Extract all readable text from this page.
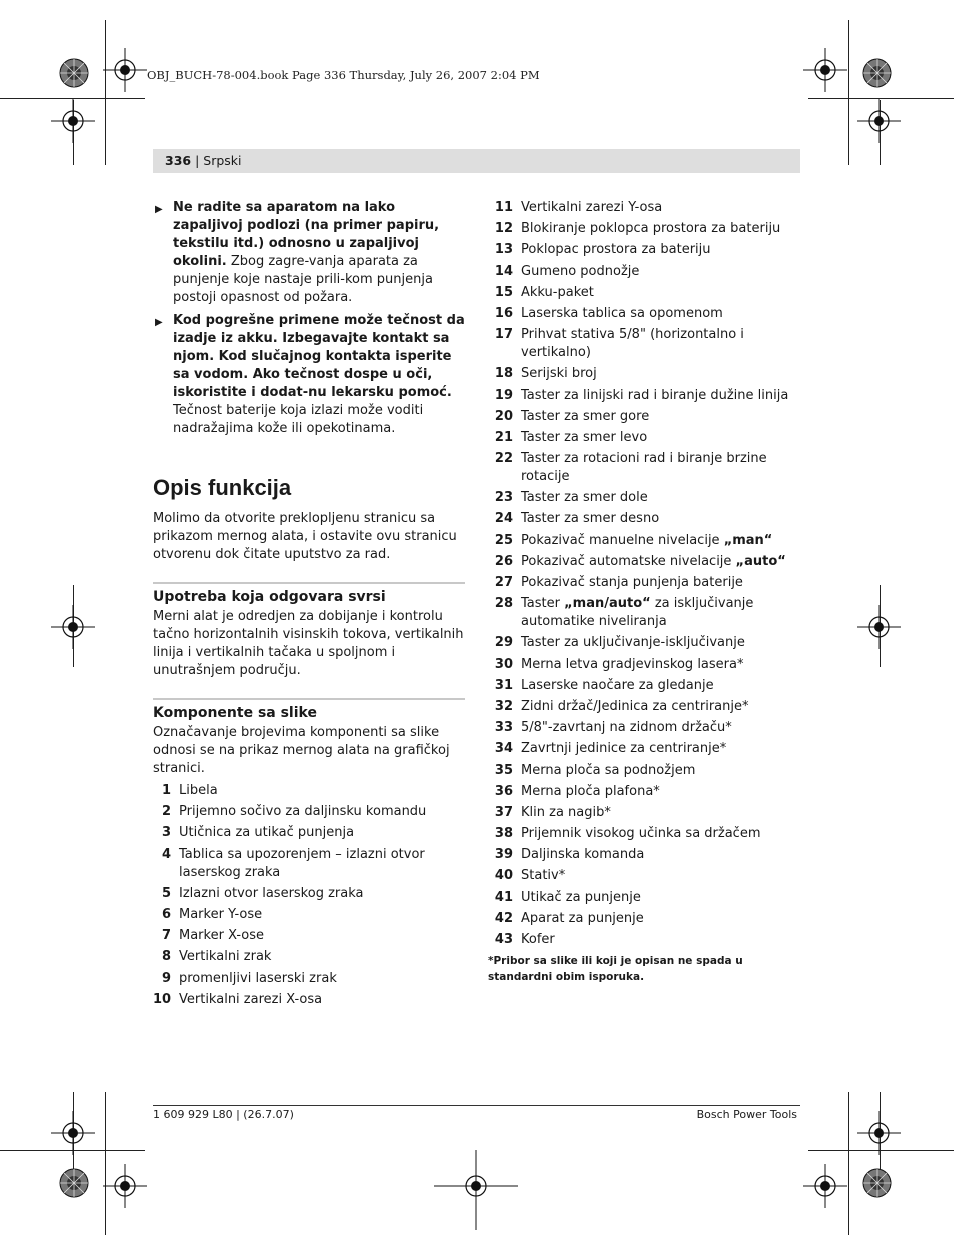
OBJ_BUCH-78-004.book Page 336 Thursday, July 26, 2007 2:04 PM
336 | Srpski
▶ Ne radite sa aparatom na lako zapaljivoj podlozi (na primer papiru, tekstilu itd.) odnosno u zapaljivoj okolini. Zbog zagre-vanja aparata za punjenje koje nastaje prili-kom punjenja postoji opasnost od požara.
▶ Kod pogrešne primene može tečnost da izadje iz akku. Izbegavajte kontakt sa njom. Kod slučajnog kontakta isperite sa vodom. Ako tečnost dospe u oči, iskoristite i dodat-nu lekarsku pomoć. Tečnost baterije koja izlazi može voditi nadražajima kože ili opekotinama.
Opis funkcija

Molimo da otvorite preklopljenu stranicu sa prikazom mernog alata, i ostavite ovu stranicu otvorenu dok čitate uputstvo za rad.

Upotreba koja odgovara svrsi

Merni alat je odredjen za dobijanje i kontrolu tačno horizontalnih visinskih tokova, vertikalnih linija i vertikalnih tačaka u spoljnom i unutrašnjem području.

Komponente sa slike

Označavanje brojevima komponenti sa slike odnosi se na prikaz mernog alata na grafičkoj stranici.

1 Libela
2 Prijemno sočivo za daljinsku komandu
3 Utičnica za utikač punjenja
4 Tablica sa upozorenjem – izlazni otvor laserskog zraka
5 Izlazni otvor laserskog zraka
6 Marker Y-ose
7 Marker X-ose
8 Vertikalni zrak
9 promenljivi laserski zrak
10 Vertikalni zarezi X-osa
11 Vertikalni zarezi Y-osa
12 Blokiranje poklopca prostora za bateriju
13 Poklopac prostora za bateriju
14 Gumeno podnožje
15 Akku-paket
16 Laserska tablica sa opomenom
17 Prihvat stativa 5/8" (horizontalno i vertikalno)
18 Serijski broj
19 Taster za linijski rad i biranje dužine linija
20 Taster za smer gore
21 Taster za smer levo
22 Taster za rotacioni rad i biranje brzine rotacije
23 Taster za smer dole
24 Taster za smer desno
25 Pokazivač manuelne nivelacije „man“
26 Pokazivač automatske nivelacije „auto“
27 Pokazivač stanja punjenja baterije
28 Taster „man/auto“ za isključivanje automatike niveliranja
29 Taster za uključivanje-isključivanje
30 Merna letva gradjevinskog lasera*
31 Laserske naočare za gledanje
32 Zidni držač/Jedinica za centriranje*
33 5/8"-zavrtanj na zidnom držaču*
34 Zavrtnji jedinice za centriranje*
35 Merna ploča sa podnožjem
36 Merna ploča plafona*
37 Klin za nagib*
38 Prijemnik visokog učinka sa držačem
39 Daljinska komanda
40 Stativ*
41 Utikač za punjenje
42 Aparat za punjenje
43 Kofer
*Pribor sa slike ili koji je opisan ne spada u standardni obim isporuka.
1 609 929 L80 | (26.7.07)	Bosch Power Tools
